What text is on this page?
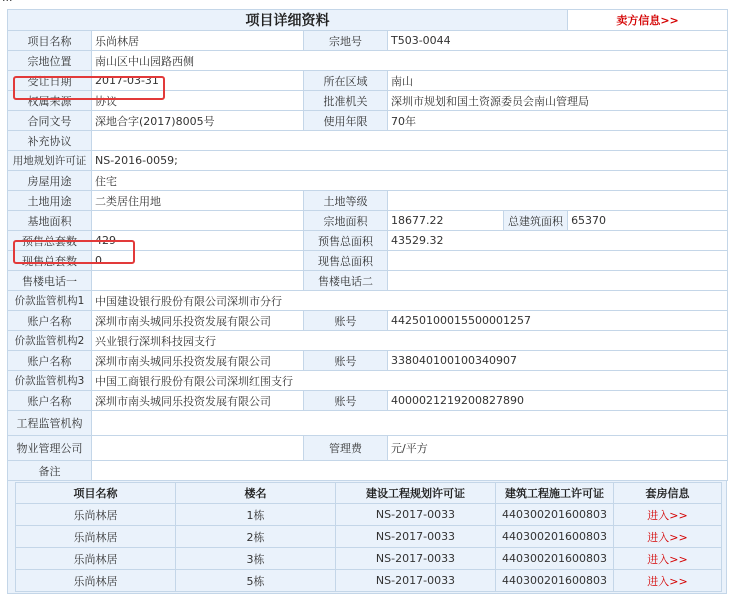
项目详细资料					卖方信息>>
项目名称	乐尚林居	宗地号	T503-0044		
宗地位置	南山区中山园路西侧				
受让日期	2017-03-31	所在区域	南山		
权属来源	协议	批准机关	深圳市规划和国土资源委员会南山管理局		
合同文号	深地合字(2017)8005号	使用年限	70年		
补充协议					
用地规划许可证	NS-2016-0059;				
房屋用途	住宅				
土地用途	二类居住用地	土地等级			
基地面积		宗地面积	18677.22	总建筑面积	65370
预售总套数	429	预售总面积	43529.32		
现售总套数	0	现售总面积			
售楼电话一		售楼电话二			
价款监管机构1	中国建设银行股份有限公司深圳市分行				
账户名称	深圳市南头城同乐投资发展有限公司	账号	44250100015500001257		
价款监管机构2	兴业银行深圳科技园支行				
账户名称	深圳市南头城同乐投资发展有限公司	账号	338040100100340907		
价款监管机构3	中国工商银行股份有限公司深圳红围支行				
账户名称	深圳市南头城同乐投资发展有限公司	账号	4000021219200827890		
工程监管机构					
物业管理公司		管理费	元/平方		
备注					
项目名称	楼名	建设工程规划许可证	建筑工程施工许可证	套房信息
乐尚林居	1栋	NS-2017-0033	440300201600803	进入>>
乐尚林居	2栋	NS-2017-0033	440300201600803	进入>>
乐尚林居	3栋	NS-2017-0033	440300201600803	进入>>
乐尚林居	5栋	NS-2017-0033	440300201600803	进入>>
